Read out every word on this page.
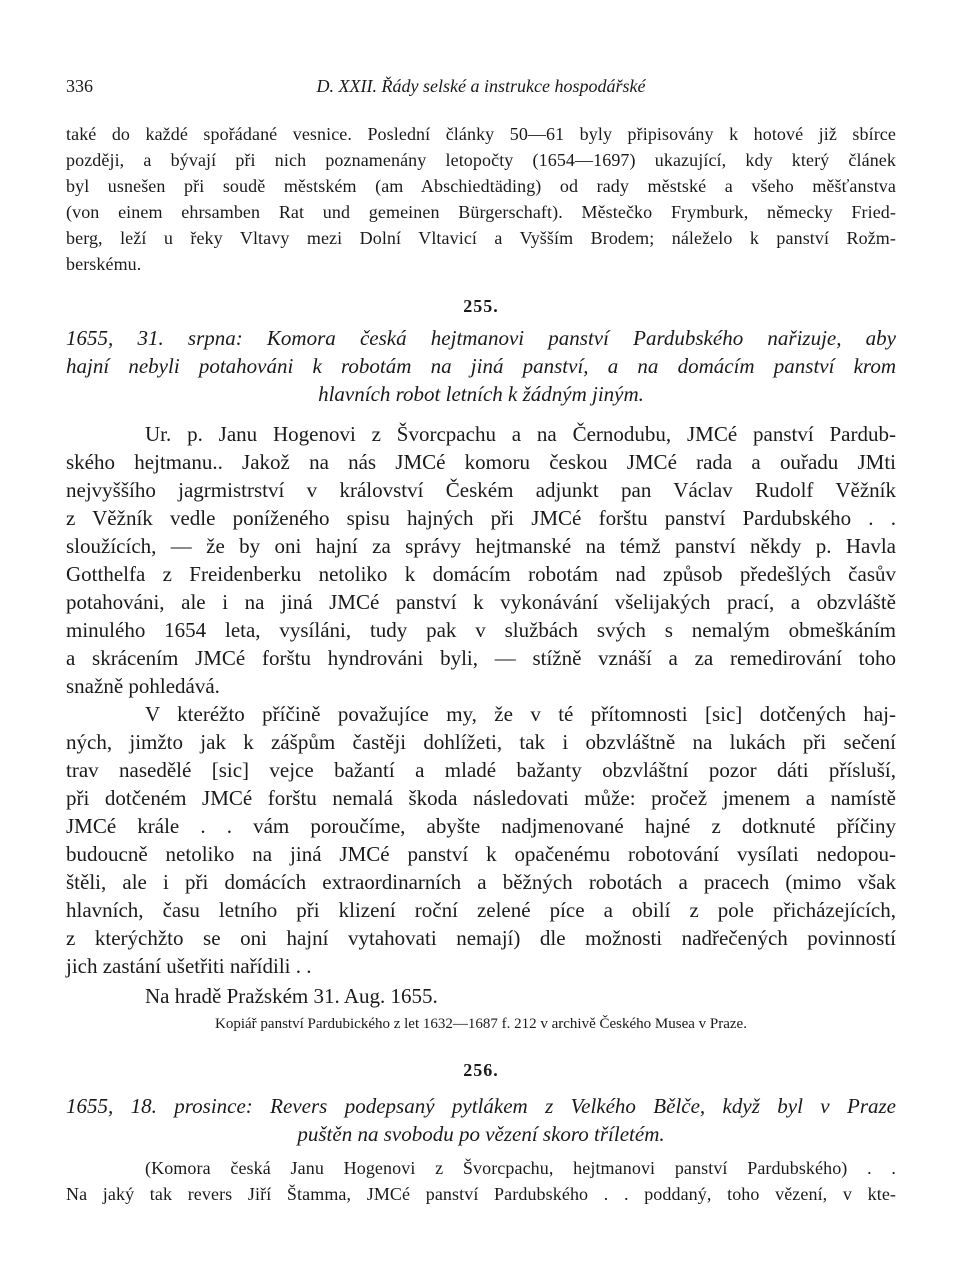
336	D. XXII. Řády selské a instrukce hospodářské
také do každé spořádané vesnice. Poslední články 50—61 byly připisovány k hotové již sbírce
později, a bývají při nich poznamenány letopočty (1654—1697) ukazující, kdy který článek
byl usnešen při soudě městském (am Abschiedtäding) od rady městské a všeho měšťanstva
(von einem ehrsamben Rat und gemeinen Bürgerschaft). Městečko Frymburk, německy Fried-
berg, leží u řeky Vltavy mezi Dolní Vltavicí a Vyšším Brodem; náleželo k panství Rožm-
berskému.
255.
1655, 31. srpna: Komora česká hejtmanovi panství Pardubského nařizuje, aby
hajní nebyli potahováni k robotám na jiná panství, a na domácím panství krom
hlavních robot letních k žádným jiným.
Ur. p. Janu Hogenovi z Švorcpachu a na Černodubu, JMCé panství Pardub-
ského hejtmanu.. Jakož na nás JMCé komoru českou JMCé rada a ouřadu JMti
nejvyššího jagrmistrství v království Českém adjunkt pan Václav Rudolf Věžník
z Věžník vedle poníženého spisu hajných při JMCé forštu panství Pardubského . .
sloužících, — že by oni hajní za správy hejtmanské na témž panství někdy p. Havla
Gotthelfa z Freidenberku netoliko k domácím robotám nad způsob předešlých časův
potahováni, ale i na jiná JMCé panství k vykonávání všelijakých prací, a obzvláště
minulého 1654 leta, vysíláni, tudy pak v službách svých s nemalým obmeškáním
a skrácením JMCé forštu hyndrováni byli, — stížně vznáší a za remedirování toho
snažně pohledává.
V kteréžto příčině považujíce my, že v té přítomnosti [sic] dotčených haj-
ných, jimžto jak k zášpům častěji dohlížeti, tak i obzvláštně na lukách při sečení
trav nasedělé [sic] vejce bažantí a mladé bažanty obzvláštní pozor dáti přísluší,
při dotčeném JMCé forštu nemalá škoda následovati může: pročež jmenem a namístě
JMCé krále . . vám poroučíme, abyšte nadjmenované hajné z dotknuté příčiny
budoucně netoliko na jiná JMCé panství k opačenému robotování vysílati nedopou-
štěli, ale i při domácích extraordinarních a běžných robotách a pracech (mimo však
hlavních, času letního při klizení roční zelené píce a obilí z pole přicházejících,
z kterýchžto se oni hajní vytahovati nemají) dle možnosti nadřečených povinností
jich zastání ušetřiti nařídili . .
Na hradě Pražském 31. Aug. 1655.
Kopiář panství Pardubického z let 1632—1687 f. 212 v archivě Českého Musea v Praze.
256.
1655, 18. prosince: Revers podepsaný pytlákem z Velkého Bělče, když byl v Praze
puštěn na svobodu po vězení skoro tříletém.
(Komora česká Janu Hogenovi z Švorcpachu, hejtmanovi panství Pardubského) . .
Na jaký tak revers Jiří Štamma, JMCé panství Pardubského . . poddaný, toho vězení, v kte-
